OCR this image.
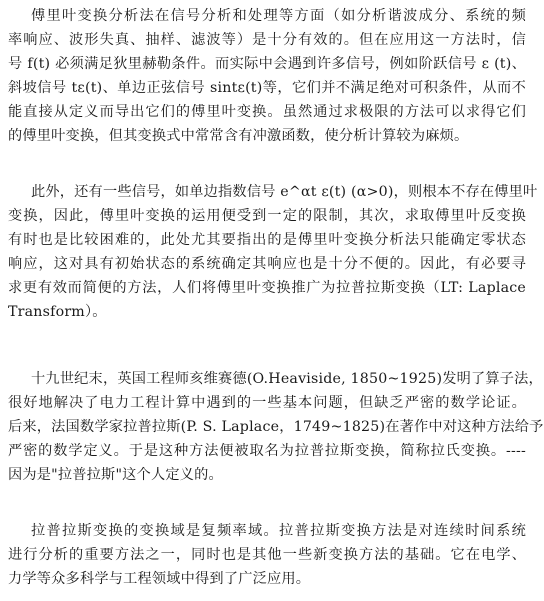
傅里叶变换分析法在信号分析和处理等方面（如分析谐波成分、系统的频
率响应、波形失真、抽样、滤波等）是十分有效的。但在应用这一方法时，信
号 f(t) 必须满足狄里赫勒条件。而实际中会遇到许多信号，例如阶跃信号 ε (t)、
斜坡信号 tε(t)、单边正弦信号 sintε(t)等，它们并不满足绝对可积条件，从而不
能直接从定义而导出它们的傅里叶变换。虽然通过求极限的方法可以求得它们
的傅里叶变换，但其变换式中常常含有冲激函数，使分析计算较为麻烦。
此外，还有一些信号，如单边指数信号 e^αt ε(t) (α>0)，则根本不存在傅里叶
变换，因此，傅里叶变换的运用便受到一定的限制，其次，求取傅里叶反变换
有时也是比较困难的，此处尤其要指出的是傅里叶变换分析法只能确定零状态
响应，这对具有初始状态的系统确定其响应也是十分不便的。因此，有必要寻
求更有效而简便的方法，人们将傅里叶变换推广为拉普拉斯变换（LT: Laplace
Transform）。
十九世纪末，英国工程师亥维赛德(O.Heaviside, 1850~1925)发明了算子法，
很好地解决了电力工程计算中遇到的一些基本问题，但缺乏严密的数学论证。
后来，法国数学家拉普拉斯(P. S. Laplace，1749~1825)在著作中对这种方法给予
严密的数学定义。于是这种方法便被取名为拉普拉斯变换，简称拉氏变换。----
因为是"拉普拉斯"这个人定义的。
拉普拉斯变换的变换域是复频率域。拉普拉斯变换方法是对连续时间系统
进行分析的重要方法之一，同时也是其他一些新变换方法的基础。它在电学、
力学等众多科学与工程领域中得到了广泛应用。
